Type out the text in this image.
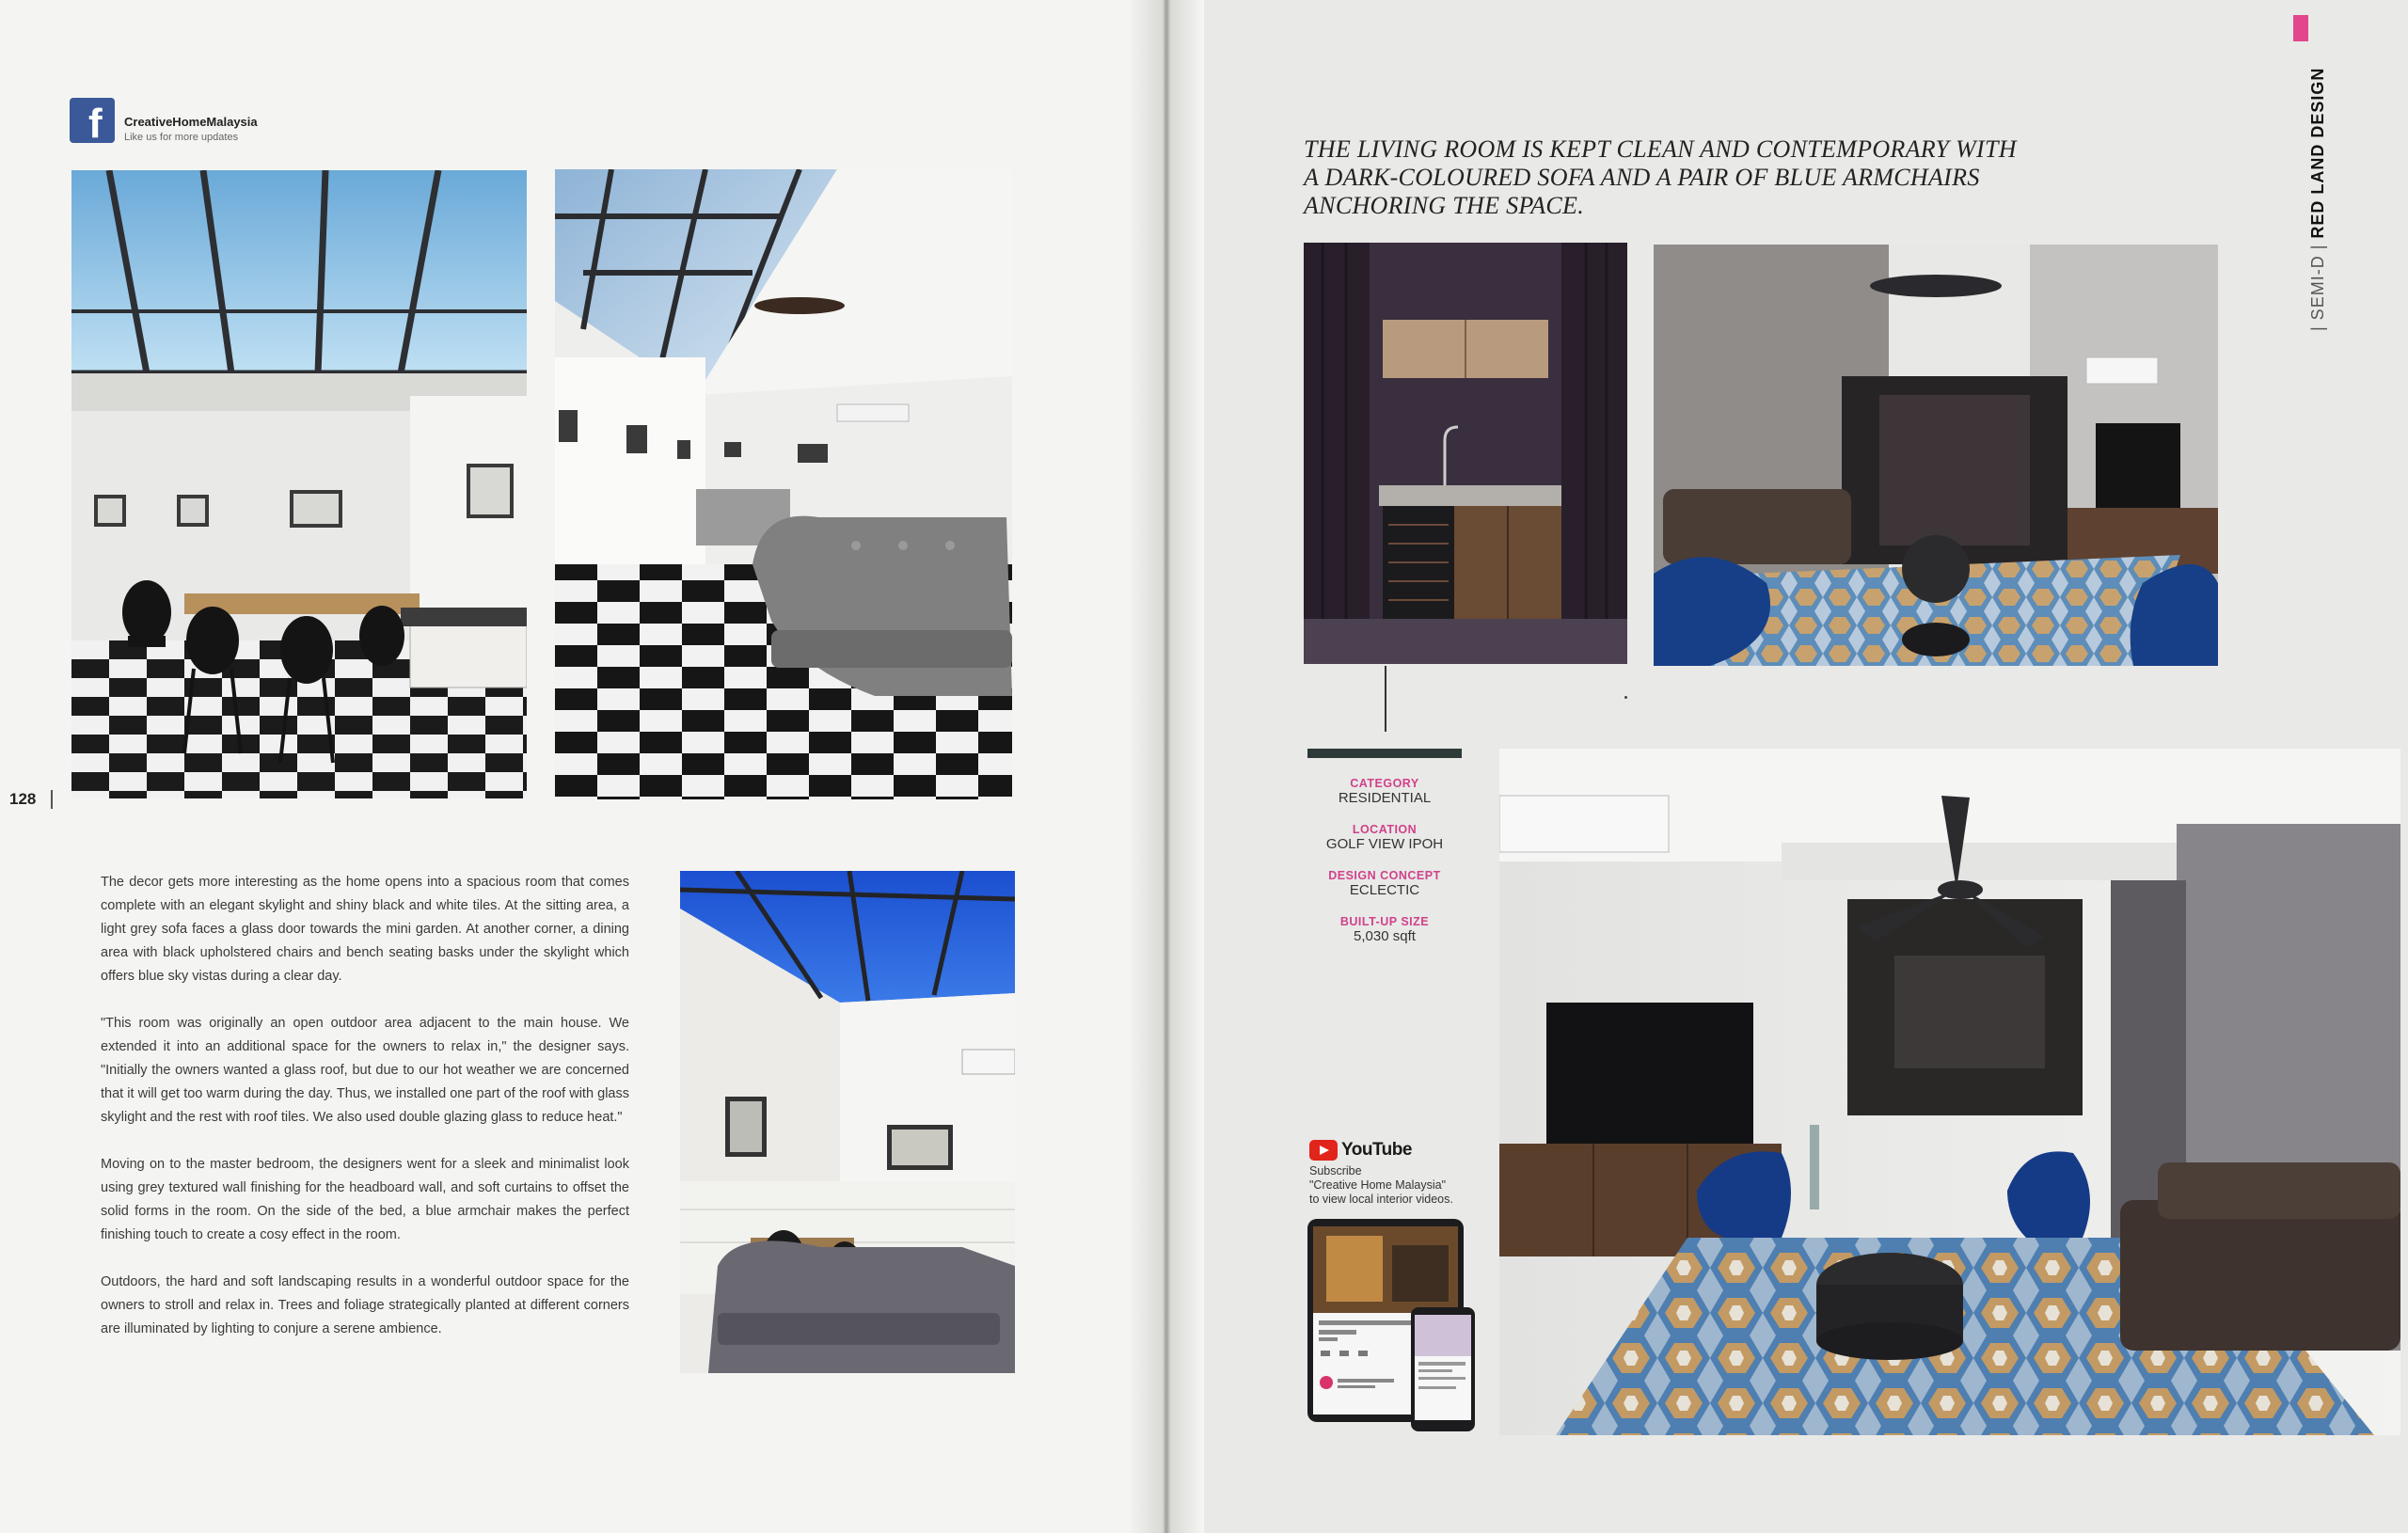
f CreativeHomeMalaysia
Like us for more updates
128

The decor gets more interesting as the home opens into a spacious room that comes complete with an elegant skylight and shiny black and white tiles. At the sitting area, a light grey sofa faces a glass door towards the mini garden. At another corner, a dining area with black upholstered chairs and bench seating basks under the skylight which offers blue sky vistas during a clear day.

"This room was originally an open outdoor area adjacent to the main house. We extended it into an additional space for the owners to relax in," the designer says. "Initially the owners wanted a glass roof, but due to our hot weather we are concerned that it will get too warm during the day. Thus, we installed one part of the roof with glass skylight and the rest with roof tiles. We also used double glazing glass to reduce heat."

Moving on to the master bedroom, the designers went for a sleek and minimalist look using grey textured wall finishing for the headboard wall, and soft curtains to offset the solid forms in the room. On the side of the bed, a blue armchair makes the perfect finishing touch to create a cosy effect in the room.

Outdoors, the hard and soft landscaping results in a wonderful outdoor space for the owners to stroll and relax in. Trees and foliage strategically planted at different corners are illuminated by lighting to conjure a serene ambience.

THE LIVING ROOM IS KEPT CLEAN AND CONTEMPORARY WITH A DARK-COLOURED SOFA AND A PAIR OF BLUE ARMCHAIRS ANCHORING THE SPACE.
| SEMI-D | RED LAND DESIGN
CATEGORY
RESIDENTIAL
LOCATION
GOLF VIEW IPOH
DESIGN CONCEPT
ECLECTIC
BUILT-UP SIZE
5,030 sqft
YouTube
Subscribe
"Creative Home Malaysia"
to view local interior videos.
